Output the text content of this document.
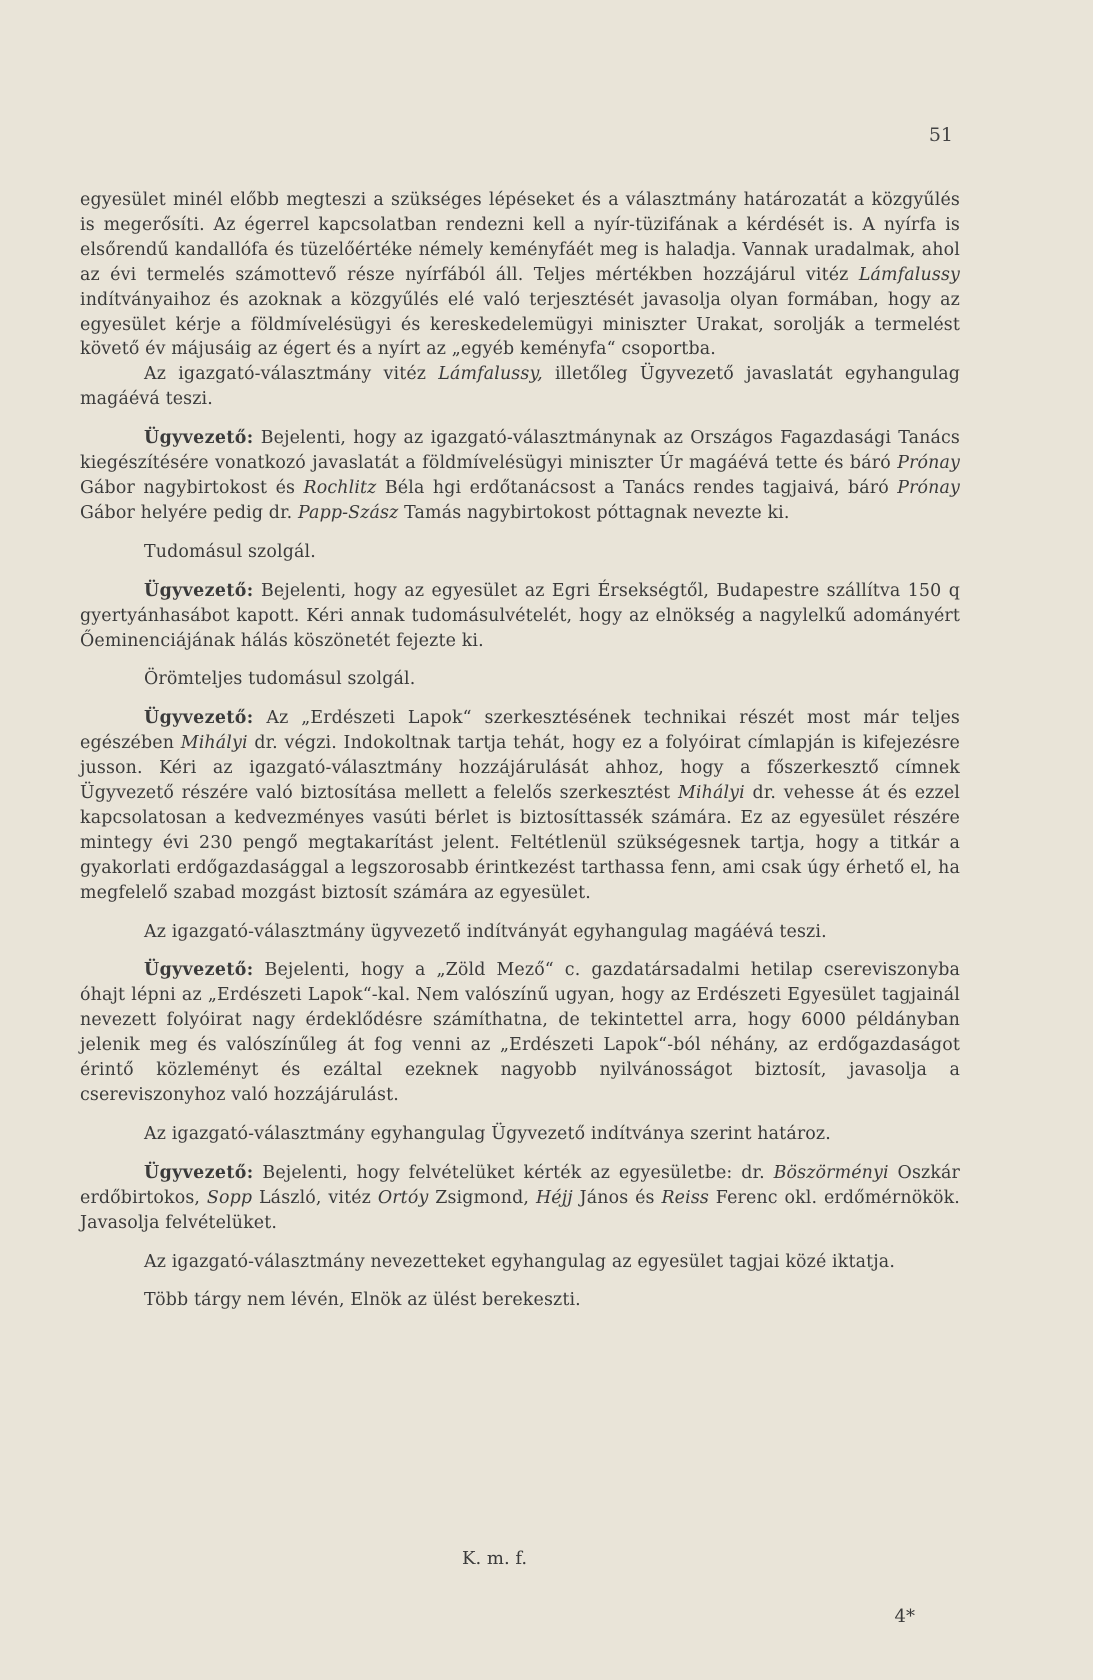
51

egyesület minél előbb megteszi a szükséges lépéseket és a választmány határozatát a közgyűlés is megerősíti. Az égerrel kapcsolatban rendezni kell a nyír-tüzifának a kérdését is. A nyírfa is elsőrendű kandallófa és tüzelőértéke némely keményfáét meg is haladja. Vannak uradalmak, ahol az évi termelés számottevő része nyírfából áll. Teljes mértékben hozzájárul vitéz Lámfalussy indítványaihoz és azoknak a közgyűlés elé való terjesztését javasolja olyan formában, hogy az egyesület kérje a földmívelésügyi és kereskedelemügyi miniszter Urakat, sorolják a termelést követő év májusáig az égert és a nyírt az „egyéb keményfa“ csoportba.

Az igazgató-választmány vitéz Lámfalussy, illetőleg Ügyvezető javaslatát egyhangulag magáévá teszi.

Ügyvezető: Bejelenti, hogy az igazgató-választmánynak az Országos Fagazdasági Tanács kiegészítésére vonatkozó javaslatát a földmívelésügyi miniszter Úr magáévá tette és báró Prónay Gábor nagybirtokost és Rochlitz Béla hgi erdőtanácsost a Tanács rendes tagjaivá, báró Prónay Gábor helyére pedig dr. Papp-Szász Tamás nagybirtokost póttagnak nevezte ki.

Tudomásul szolgál.

Ügyvezető: Bejelenti, hogy az egyesület az Egri Érsekségtől, Budapestre szállítva 150 q gyertyánhasábot kapott. Kéri annak tudomásulvételét, hogy az elnökség a nagylelkű adományért Őeminenciájának hálás köszönetét fejezte ki.

Örömteljes tudomásul szolgál.

Ügyvezető: Az „Erdészeti Lapok“ szerkesztésének technikai részét most már teljes egészében Mihályi dr. végzi. Indokoltnak tartja tehát, hogy ez a folyóirat címlapján is kifejezésre jusson. Kéri az igazgató-választmány hozzájárulását ahhoz, hogy a főszerkesztő címnek Ügyvezető részére való biztosítása mellett a felelős szerkesztést Mihályi dr. vehesse át és ezzel kapcsolatosan a kedvezményes vasúti bérlet is biztosíttassék számára. Ez az egyesület részére mintegy évi 230 pengő megtakarítást jelent. Feltétlenül szükségesnek tartja, hogy a titkár a gyakorlati erdőgazdasággal a legszorosabb érintkezést tarthassa fenn, ami csak úgy érhető el, ha megfelelő szabad mozgást biztosít számára az egyesület.

Az igazgató-választmány ügyvezető indítványát egyhangulag magáévá teszi.

Ügyvezető: Bejelenti, hogy a „Zöld Mező“ c. gazdatársadalmi hetilap csereviszonyba óhajt lépni az „Erdészeti Lapok“-kal. Nem valószínű ugyan, hogy az Erdészeti Egyesület tagjainál nevezett folyóirat nagy érdeklődésre számíthatna, de tekintettel arra, hogy 6000 példányban jelenik meg és valószínűleg át fog venni az „Erdészeti Lapok“-ból néhány, az erdőgazdaságot érintő közleményt és ezáltal ezeknek nagyobb nyilvánosságot biztosít, javasolja a csereviszonyhoz való hozzájárulást.

Az igazgató-választmány egyhangulag Ügyvezető indítványa szerint határoz.

Ügyvezető: Bejelenti, hogy felvételüket kérték az egyesületbe: dr. Böszörményi Oszkár erdőbirtokos, Sopp László, vitéz Ortóy Zsigmond, Héjj János és Reiss Ferenc okl. erdőmérnökök. Javasolja felvételüket.

Az igazgató-választmány nevezetteket egyhangulag az egyesület tagjai közé iktatja.

Több tárgy nem lévén, Elnök az ülést berekeszti.

K. m. f.
4*
